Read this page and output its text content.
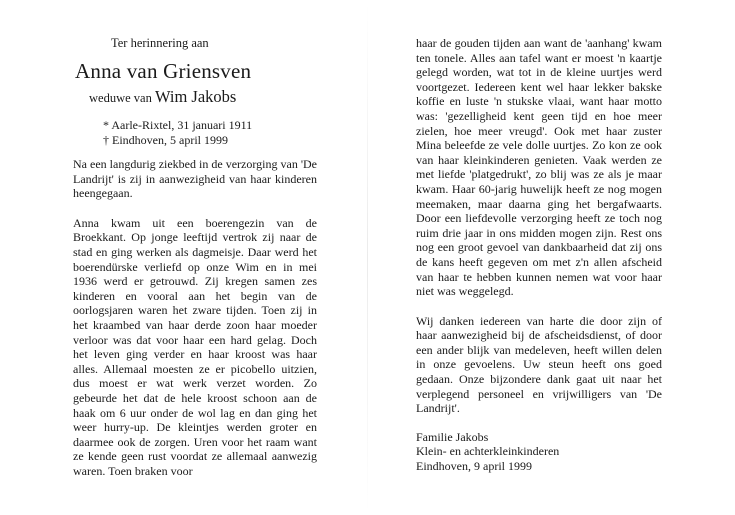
Ter herinnering aan
Anna van Griensven
weduwe van Wim Jakobs
* Aarle-Rixtel, 31 januari 1911
† Eindhoven, 5 april 1999

Na een langdurig ziekbed in de verzorging van 'De Landrijt' is zij in aanwezigheid van haar kinderen heengegaan.

Anna kwam uit een boerengezin van de Broekkant. Op jonge leeftijd vertrok zij naar de stad en ging werken als dagmeisje. Daar werd het boerendürske verliefd op onze Wim en in mei 1936 werd er getrouwd. Zij kregen samen zes kinderen en vooral aan het begin van de oorlogsjaren waren het zware tijden. Toen zij in het kraambed van haar derde zoon haar moeder verloor was dat voor haar een hard gelag. Doch het leven ging verder en haar kroost was haar alles. Allemaal moesten ze er picobello uitzien, dus moest er wat werk verzet worden. Zo gebeurde het dat de hele kroost schoon aan de haak om 6 uur onder de wol lag en dan ging het weer hurry-up. De kleintjes werden groter en daarmee ook de zorgen. Uren voor het raam want ze kende geen rust voordat ze allemaal aanwezig waren. Toen braken voor

haar de gouden tijden aan want de 'aanhang' kwam ten tonele. Alles aan tafel want er moest 'n kaartje gelegd worden, wat tot in de kleine uurtjes werd voortgezet. Iedereen kent wel haar lekker bakske koffie en luste 'n stukske vlaai, want haar motto was: 'gezelligheid kent geen tijd en hoe meer zielen, hoe meer vreugd'. Ook met haar zuster Mina beleefde ze vele dolle uurtjes. Zo kon ze ook van haar kleinkinderen genieten. Vaak werden ze met liefde 'platgedrukt', zo blij was ze als je maar kwam. Haar 60-jarig huwelijk heeft ze nog mogen meemaken, maar daarna ging het bergafwaarts. Door een liefdevolle verzorging heeft ze toch nog ruim drie jaar in ons midden mogen zijn. Rest ons nog een groot gevoel van dankbaarheid dat zij ons de kans heeft gegeven om met z'n allen afscheid van haar te hebben kunnen nemen wat voor haar niet was weggelegd.

Wij danken iedereen van harte die door zijn of haar aanwezigheid bij de afscheidsdienst, of door een ander blijk van medeleven, heeft willen delen in onze gevoelens. Uw steun heeft ons goed gedaan. Onze bijzondere dank gaat uit naar het verplegend personeel en vrijwilligers van 'De Landrijt'.

Familie Jakobs
Klein- en achterkleinkinderen
Eindhoven, 9 april 1999
